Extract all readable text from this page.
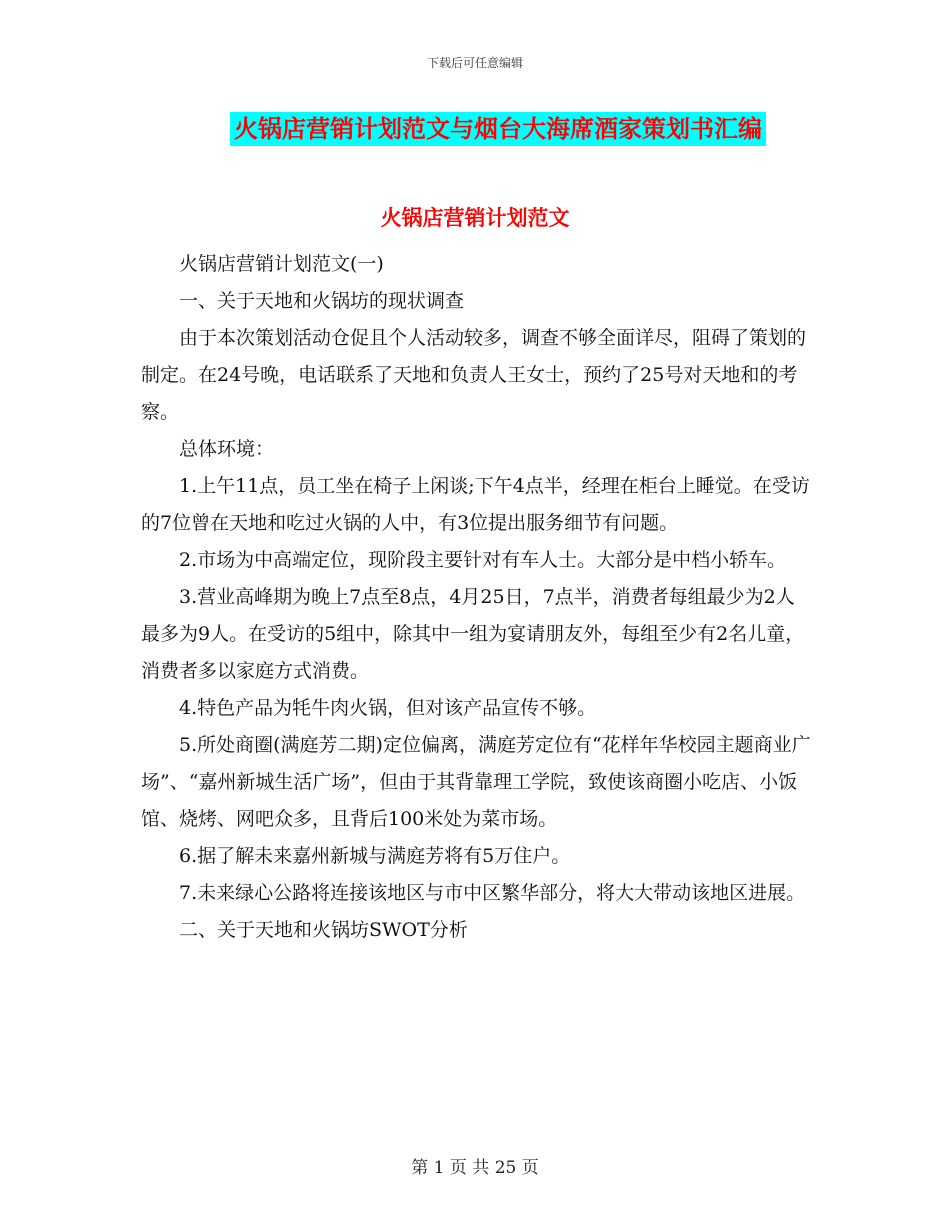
下载后可任意编辑
火锅店营销计划范文与烟台大海席酒家策划书汇编
火锅店营销计划范文

火锅店营销计划范文(一)

一、关于天地和火锅坊的现状调查

由于本次策划活动仓促且个人活动较多，调查不够全面详尽，阻碍了策划的制定。在24号晚，电话联系了天地和负责人王女士，预约了25号对天地和的考察。

总体环境：

1.上午11点，员工坐在椅子上闲谈;下午4点半，经理在柜台上睡觉。在受访的7位曾在天地和吃过火锅的人中，有3位提出服务细节有问题。

2.市场为中高端定位，现阶段主要针对有车人士。大部分是中档小轿车。

3.营业高峰期为晚上7点至8点，4月25日，7点半，消费者每组最少为2人最多为9人。在受访的5组中，除其中一组为宴请朋友外，每组至少有2名儿童，消费者多以家庭方式消费。

4.特色产品为牦牛肉火锅，但对该产品宣传不够。

5.所处商圈(满庭芳二期)定位偏离，满庭芳定位有“花样年华校园主题商业广场”、“嘉州新城生活广场”，但由于其背靠理工学院，致使该商圈小吃店、小饭馆、烧烤、网吧众多，且背后100米处为菜市场。

6.据了解未来嘉州新城与满庭芳将有5万住户。

7.未来绿心公路将连接该地区与市中区繁华部分，将大大带动该地区进展。

二、关于天地和火锅坊SWOT分析

第 1 页 共 25 页
